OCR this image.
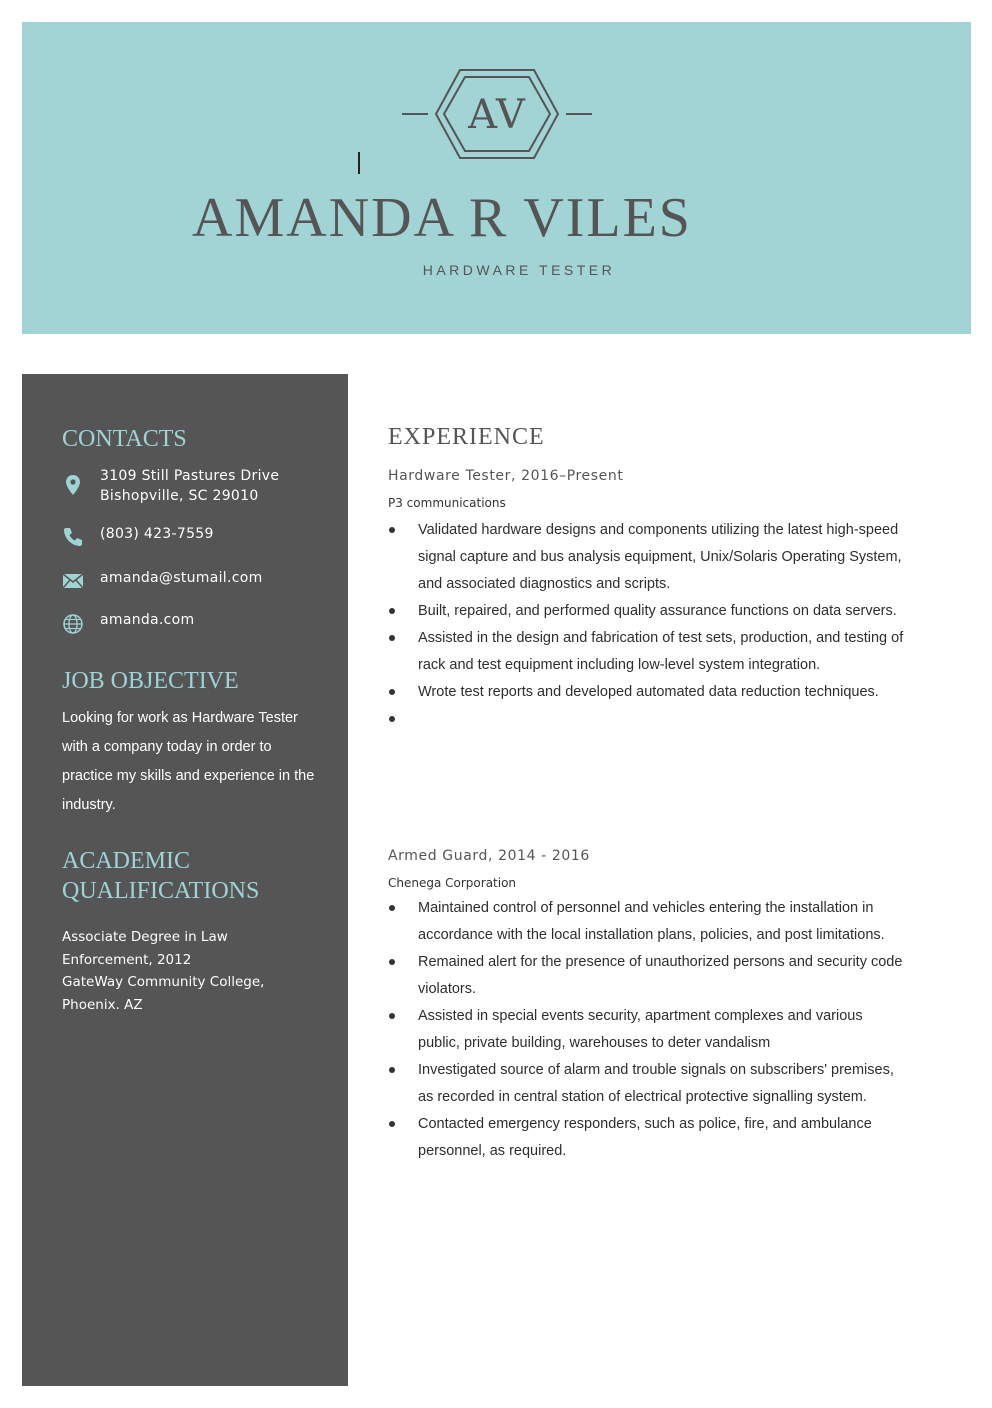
AV
AMANDA R VILES
HARDWARE TESTER
CONTACTS
3109 Still Pastures Drive
Bishopville, SC 29010
(803) 423-7559
amanda@stumail.com
amanda.com
JOB OBJECTIVE
Looking for work as Hardware Tester with a company today in order to practice my skills and experience in the industry.
ACADEMIC
QUALIFICATIONS
Associate Degree in Law
Enforcement, 2012
GateWay Community College,
Phoenix. AZ
EXPERIENCE
Hardware Tester, 2016–Present
P3 communications
Validated hardware designs and components utilizing the latest high-speed signal capture and bus analysis equipment, Unix/Solaris Operating System, and associated diagnostics and scripts.
Built, repaired, and performed quality assurance functions on data servers.
Assisted in the design and fabrication of test sets, production, and testing of rack and test equipment including low-level system integration.
Wrote test reports and developed automated data reduction techniques.
Armed Guard, 2014 - 2016
Chenega Corporation
Maintained control of personnel and vehicles entering the installation in accordance with the local installation plans, policies, and post limitations.
Remained alert for the presence of unauthorized persons and security code violators.
Assisted in special events security, apartment complexes and various public, private building, warehouses to deter vandalism
Investigated source of alarm and trouble signals on subscribers' premises, as recorded in central station of electrical protective signalling system.
Contacted emergency responders, such as police, fire, and ambulance personnel, as required.
